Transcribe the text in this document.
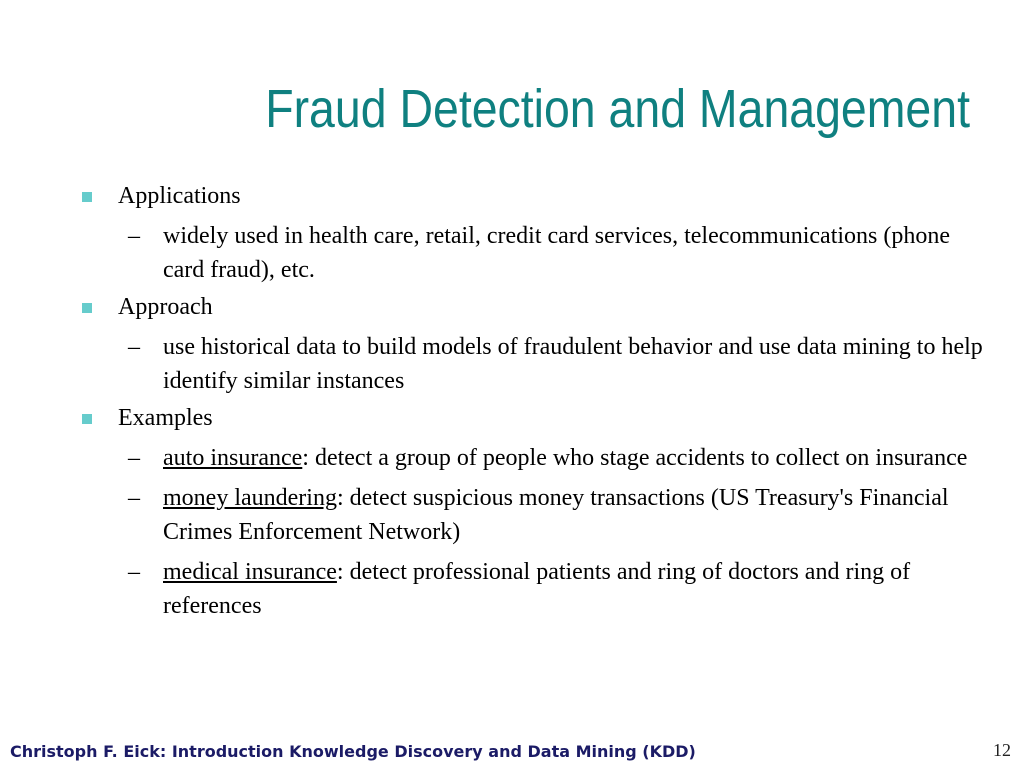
Fraud Detection and Management
Applications
– widely used in health care, retail, credit card services, telecommunications (phone card fraud), etc.
Approach
– use historical data to build models of fraudulent behavior and use data mining to help identify similar instances
Examples
– auto insurance: detect a group of people who stage accidents to collect on insurance
– money laundering: detect suspicious money transactions (US Treasury's Financial Crimes Enforcement Network)
– medical insurance: detect professional patients and ring of doctors and ring of references
Christoph F. Eick: Introduction Knowledge Discovery and Data Mining (KDD)	12
